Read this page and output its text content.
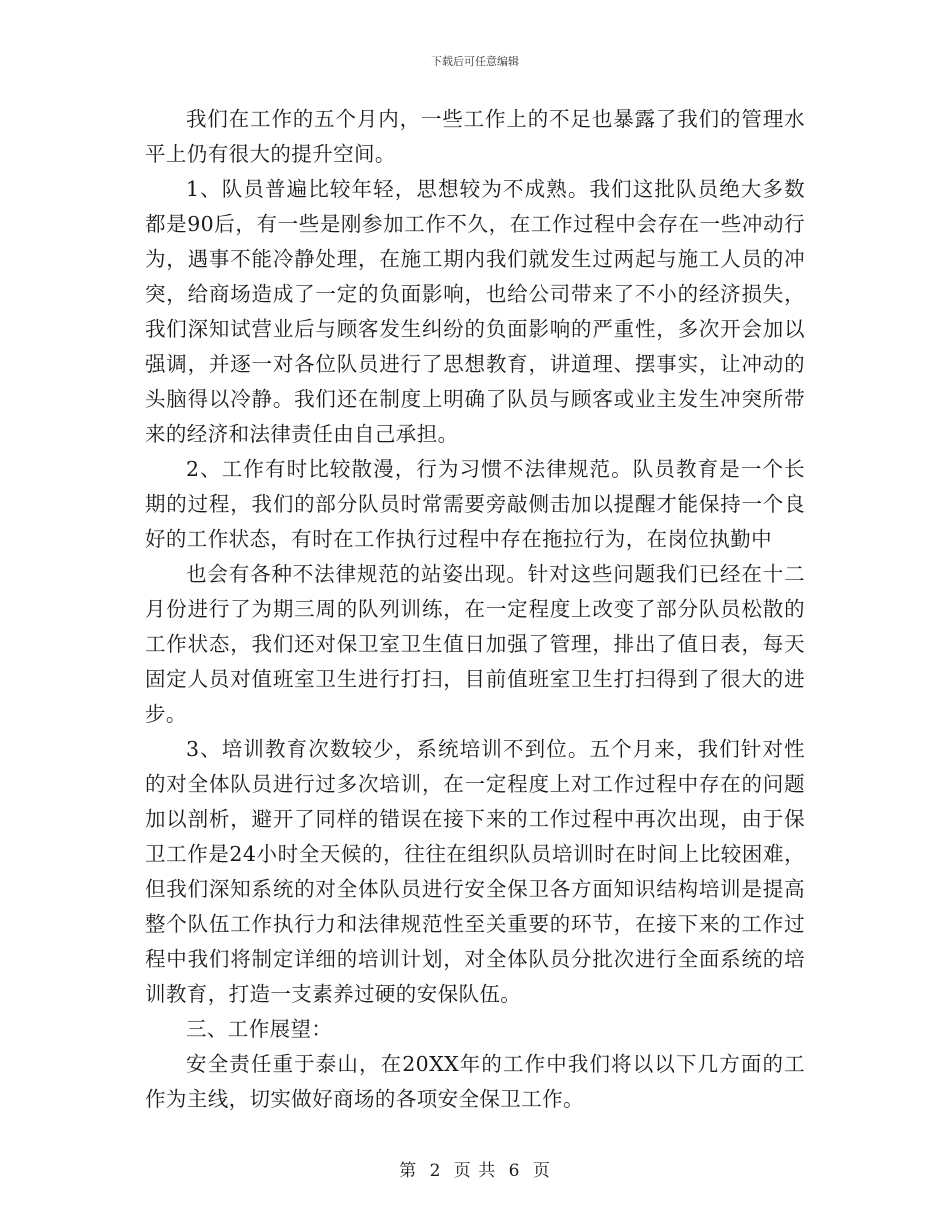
下载后可任意编辑

我们在工作的五个月内，一些工作上的不足也暴露了我们的管理水平上仍有很大的提升空间。

1、队员普遍比较年轻，思想较为不成熟。我们这批队员绝大多数都是90后，有一些是刚参加工作不久，在工作过程中会存在一些冲动行为，遇事不能冷静处理，在施工期内我们就发生过两起与施工人员的冲突，给商场造成了一定的负面影响，也给公司带来了不小的经济损失，我们深知试营业后与顾客发生纠纷的负面影响的严重性，多次开会加以强调，并逐一对各位队员进行了思想教育，讲道理、摆事实，让冲动的头脑得以冷静。我们还在制度上明确了队员与顾客或业主发生冲突所带来的经济和法律责任由自己承担。

2、工作有时比较散漫，行为习惯不法律规范。队员教育是一个长期的过程，我们的部分队员时常需要旁敲侧击加以提醒才能保持一个良好的工作状态，有时在工作执行过程中存在拖拉行为，在岗位执勤中

也会有各种不法律规范的站姿出现。针对这些问题我们已经在十二月份进行了为期三周的队列训练，在一定程度上改变了部分队员松散的工作状态，我们还对保卫室卫生值日加强了管理，排出了值日表，每天固定人员对值班室卫生进行打扫，目前值班室卫生打扫得到了很大的进步。

3、培训教育次数较少，系统培训不到位。五个月来，我们针对性的对全体队员进行过多次培训，在一定程度上对工作过程中存在的问题加以剖析，避开了同样的错误在接下来的工作过程中再次出现，由于保卫工作是24小时全天候的，往往在组织队员培训时在时间上比较困难，但我们深知系统的对全体队员进行安全保卫各方面知识结构培训是提高整个队伍工作执行力和法律规范性至关重要的环节，在接下来的工作过程中我们将制定详细的培训计划，对全体队员分批次进行全面系统的培训教育，打造一支素养过硬的安保队伍。

三、工作展望：

安全责任重于泰山，在20XX年的工作中我们将以以下几方面的工作为主线，切实做好商场的各项安全保卫工作。

第 2 页 共 6 页
